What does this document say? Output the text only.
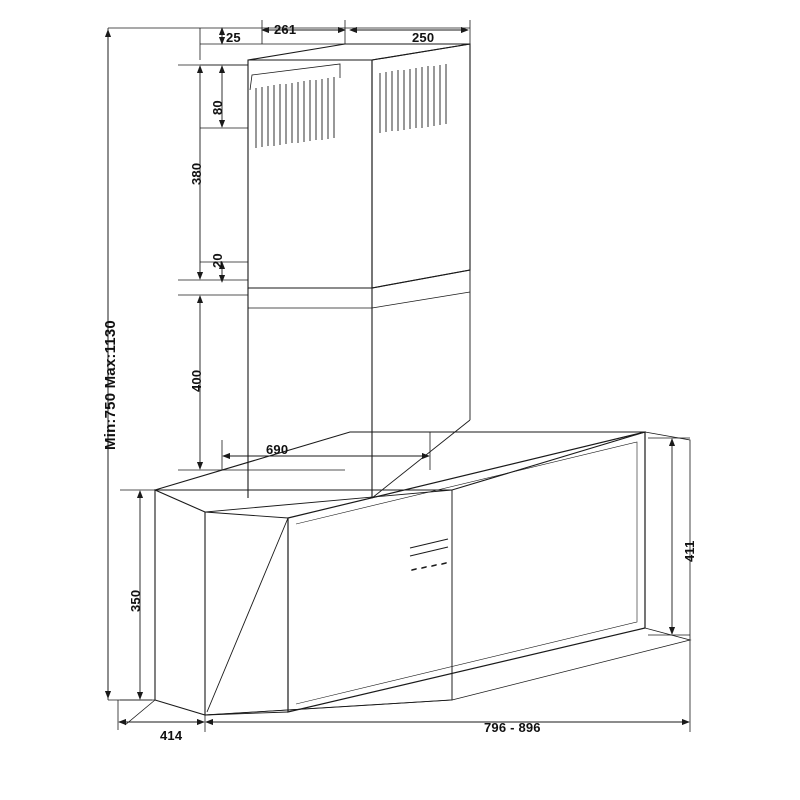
Min:750 Max:1130
25
261
250
80
380
20
400
690
350
411
414
796 - 896
